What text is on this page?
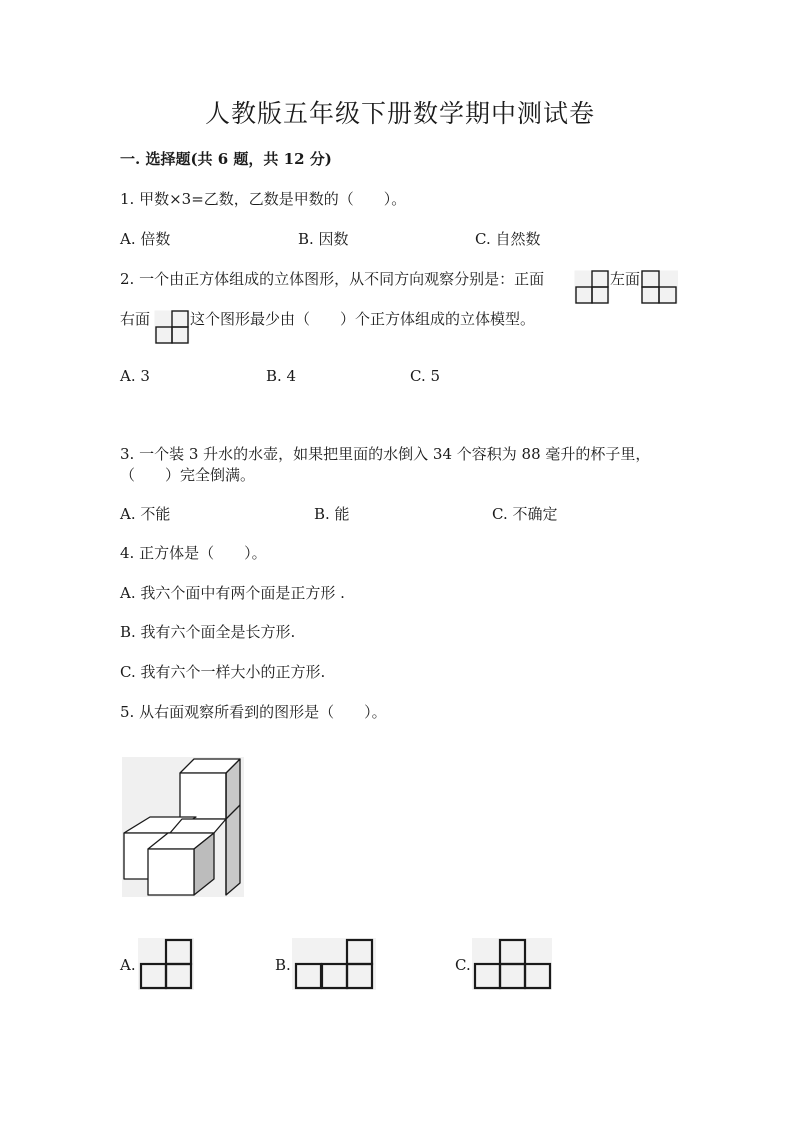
人教版五年级下册数学期中测试卷
一. 选择题(共 6 题，共 12 分)
1. 甲数×3=乙数，乙数是甲数的（　　）。
A. 倍数	B. 因数	C. 自然数
2. 一个由正方体组成的立体图形，从不同方向观察分别是：正面	左面
右面	这个图形最少由（　　）个正方体组成的立体模型。
A. 3	B. 4	C. 5
3. 一个装 3 升水的水壶，如果把里面的水倒入 34 个容积为 88 毫升的杯子里，
（　　）完全倒满。
A. 不能	B. 能	C. 不确定
4. 正方体是（　　）。
A. 我六个面中有两个面是正方形 .
B. 我有六个面全是长方形.
C. 我有六个一样大小的正方形.
5. 从右面观察所看到的图形是（　　）。
A.	B.	C.
